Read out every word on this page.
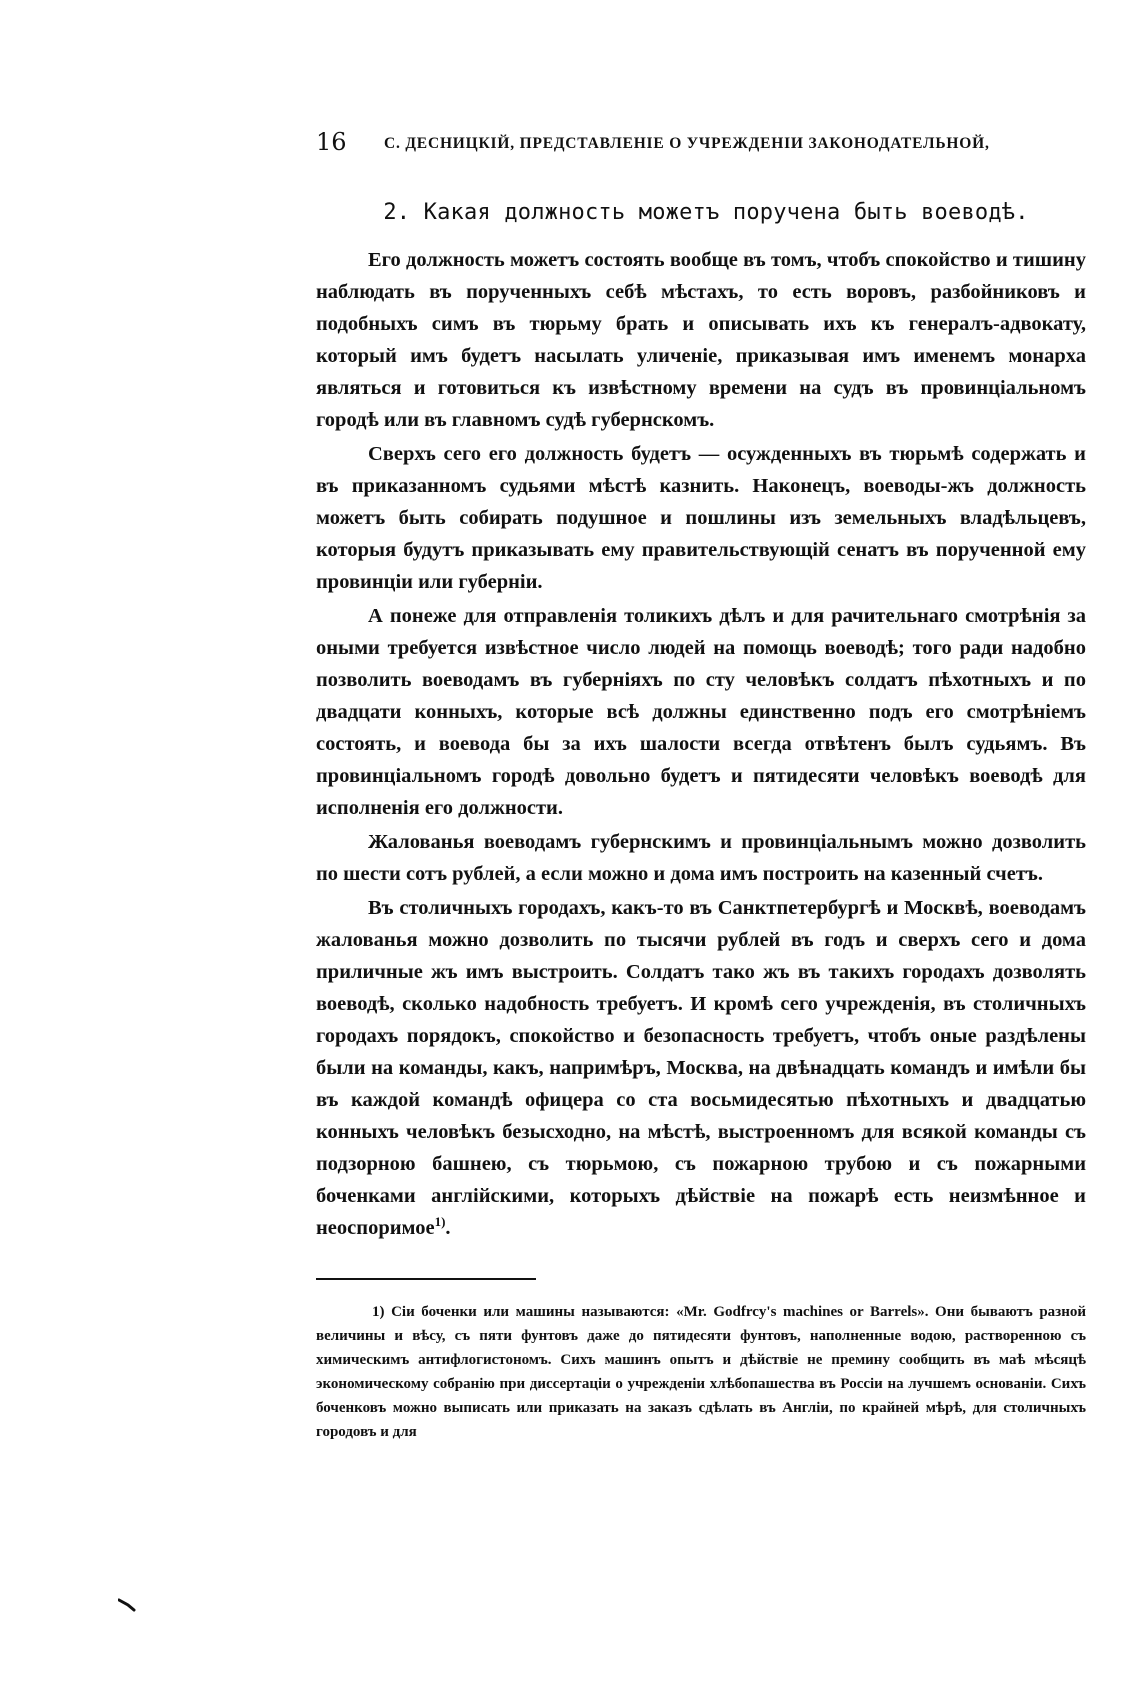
16 С. ДЕСНИЦКІЙ, ПРЕДСТАВЛЕНІЕ О УЧРЕЖДЕНІИ ЗАКОНОДАТЕЛЬНОЙ,
2. Какая должность можетъ поручена быть воеводѣ.

Его должность можетъ состоять вообще въ томъ, чтобъ спокойство и тишину наблюдать въ порученныхъ себѣ мѣстахъ, то есть воровъ, разбойниковъ и подобныхъ симъ въ тюрьму брать и описывать ихъ къ генералъ-адвокату, который имъ будетъ насылать уличеніе, приказывая имъ именемъ монарха являться и готовиться къ извѣстному времени на судъ въ провинціальномъ городѣ или въ главномъ судѣ губернскомъ.

Сверхъ сего его должность будетъ — осужденныхъ въ тюрьмѣ содержать и въ приказанномъ судьями мѣстѣ казнить. Наконецъ, воеводы-жъ должность можетъ быть собирать подушное и пошлины изъ земельныхъ владѣльцевъ, которыя будутъ приказывать ему правительствующій сенатъ въ порученной ему провинціи или губерніи.

А понеже для отправленія толикихъ дѣлъ и для рачительнаго смотрѣнія за оными требуется извѣстное число людей на помощь воеводѣ; того ради надобно позволить воеводамъ въ губерніяхъ по сту человѣкъ солдатъ пѣхотныхъ и по двадцати конныхъ, которые всѣ должны единственно подъ его смотрѣніемъ состоять, и воевода бы за ихъ шалости всегда отвѣтенъ былъ судьямъ. Въ провинціальномъ городѣ довольно будетъ и пятидесяти человѣкъ воеводѣ для исполненія его должности.

Жалованья воеводамъ губернскимъ и провинціальнымъ можно дозволить по шести сотъ рублей, а если можно и дома имъ построить на казенный счетъ.

Въ столичныхъ городахъ, какъ-то въ Санктпетербургѣ и Москвѣ, воеводамъ жалованья можно дозволить по тысячи рублей въ годъ и сверхъ сего и дома приличные жъ имъ выстроить. Солдатъ тако жъ въ такихъ городахъ дозволять воеводѣ, сколько надобность требуетъ. И кромѣ сего учрежденія, въ столичныхъ городахъ порядокъ, спокойство и безопасность требуетъ, чтобъ оные раздѣлены были на команды, какъ, напримѣръ, Москва, на двѣнадцать командъ и имѣли бы въ каждой командѣ офицера со ста восьмидесятью пѣхотныхъ и двадцатью конныхъ человѣкъ безысходно, на мѣстѣ, выстроенномъ для всякой команды съ подзорною башнею, съ тюрьмою, съ пожарною трубою и съ пожарными боченками англійскими, которыхъ дѣйствіе на пожарѣ есть неизмѣнное и неоспоримое$^{1)}$.

1) Сіи боченки или машины называются: «Mr. Godfrcy's machines or Barrels». Они бываютъ разной величины и вѣсу, съ пяти фунтовъ даже до пятидесяти фунтовъ, наполненные водою, растворенною съ химическимъ антифлогистономъ. Сихъ машинъ опытъ и дѣйствіе не премину сообщить въ маѣ мѣсяцѣ экономическому собранію при диссертаціи о учрежденіи хлѣбопашества въ Россіи на лучшемъ основаніи. Сихъ боченковъ можно выписать или приказать на заказъ сдѣлать въ Англіи, по крайней мѣрѣ, для столичныхъ городовъ и для
